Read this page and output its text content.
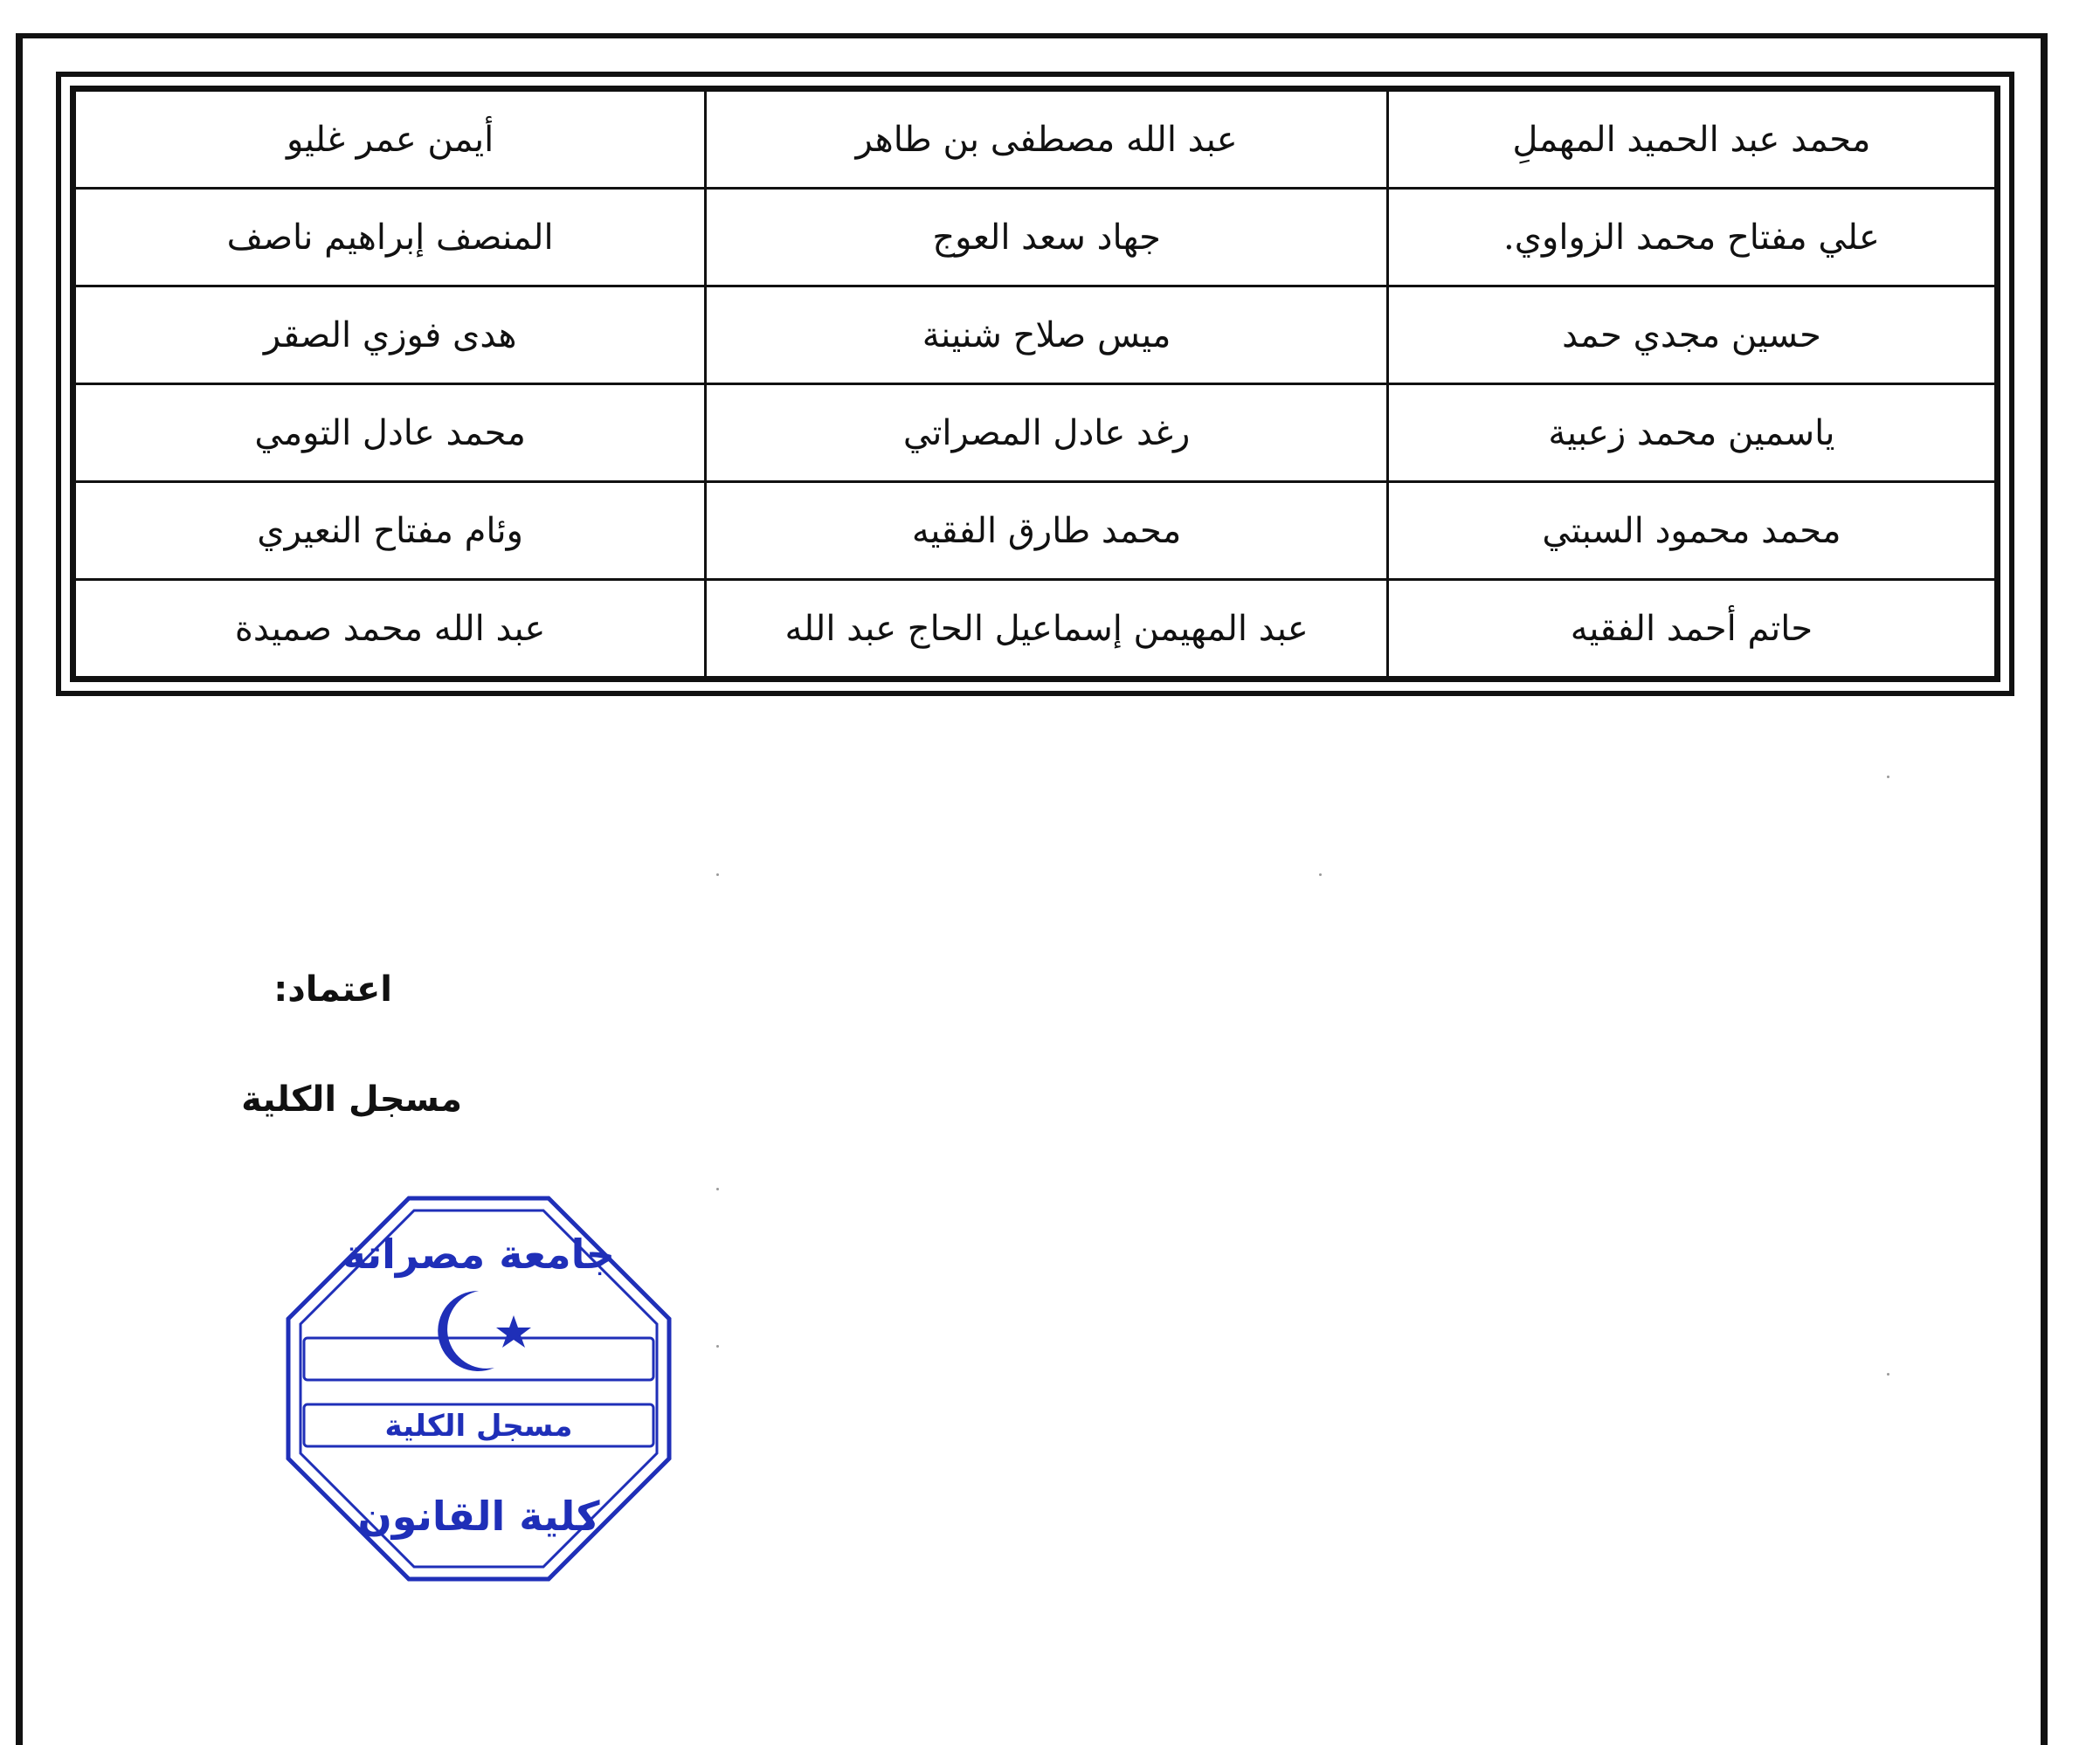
محمد عبد الحميد المهملِ	عبد الله مصطفى بن طاهر	أيمن عمر غليو
علي مفتاح محمد الزواوي.	جهاد سعد العوج	المنصف إبراهيم ناصف
حسين مجدي حمد	ميس صلاح شنينة	هدى فوزي الصقر
ياسمين محمد زعبية	رغد عادل المصراتي	محمد عادل التومي
محمد محمود السبتي	محمد طارق الفقيه	وئام مفتاح النعيري
حاتم أحمد الفقيه	عبد المهيمن إسماعيل الحاج عبد الله	عبد الله محمد صميدة
اعتماد:
مسجل الكلية
جامعة مصراتة
مسجل الكلية
كلية القانون
